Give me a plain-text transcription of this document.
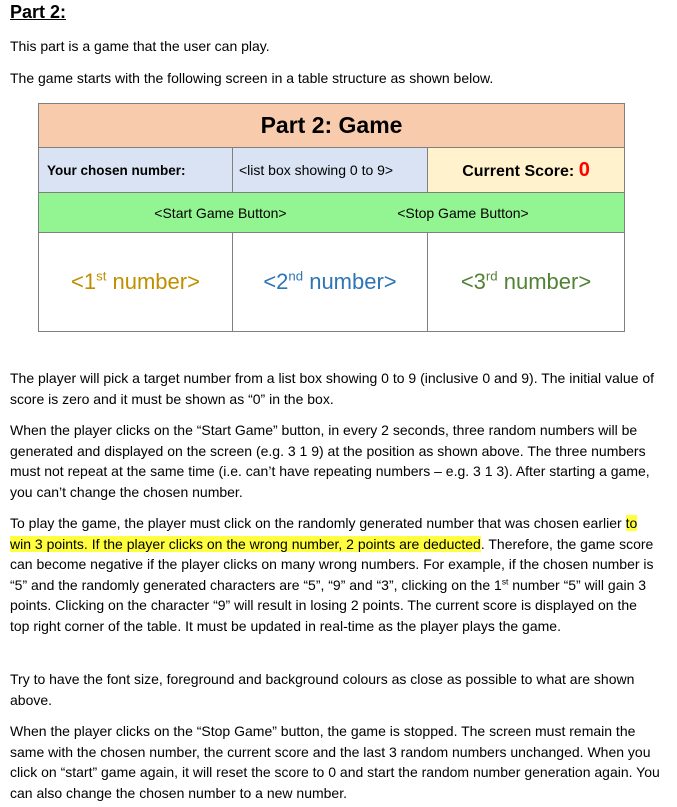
Part 2:
This part is a game that the user can play.
The game starts with the following screen in a table structure as shown below.
Part 2: Game		
Your chosen number:	<list box showing 0 to 9>	Current Score: 0

<Start Game Button> <Stop Game Button>		

<1st number>	<2nd number>	<3rd number>
The player will pick a target number from a list box showing 0 to 9 (inclusive 0 and 9). The initial value of score is zero and it must be shown as “0” in the box.
When the player clicks on the “Start Game” button, in every 2 seconds, three random numbers will be generated and displayed on the screen (e.g. 3 1 9) at the position as shown above. The three numbers must not repeat at the same time (i.e. can’t have repeating numbers – e.g. 3 1 3). After starting a game, you can’t change the chosen number.
To play the game, the player must click on the randomly generated number that was chosen earlier to win 3 points. If the player clicks on the wrong number, 2 points are deducted. Therefore, the game score can become negative if the player clicks on many wrong numbers. For example, if the chosen number is “5” and the randomly generated characters are “5”, “9” and “3”, clicking on the 1st number “5” will gain 3 points. Clicking on the character “9” will result in losing 2 points. The current score is displayed on the top right corner of the table. It must be updated in real-time as the player plays the game.
Try to have the font size, foreground and background colours as close as possible to what are shown above.
When the player clicks on the “Stop Game” button, the game is stopped. The screen must remain the same with the chosen number, the current score and the last 3 random numbers unchanged. When you click on “start” game again, it will reset the score to 0 and start the random number generation again. You can also change the chosen number to a new number.
